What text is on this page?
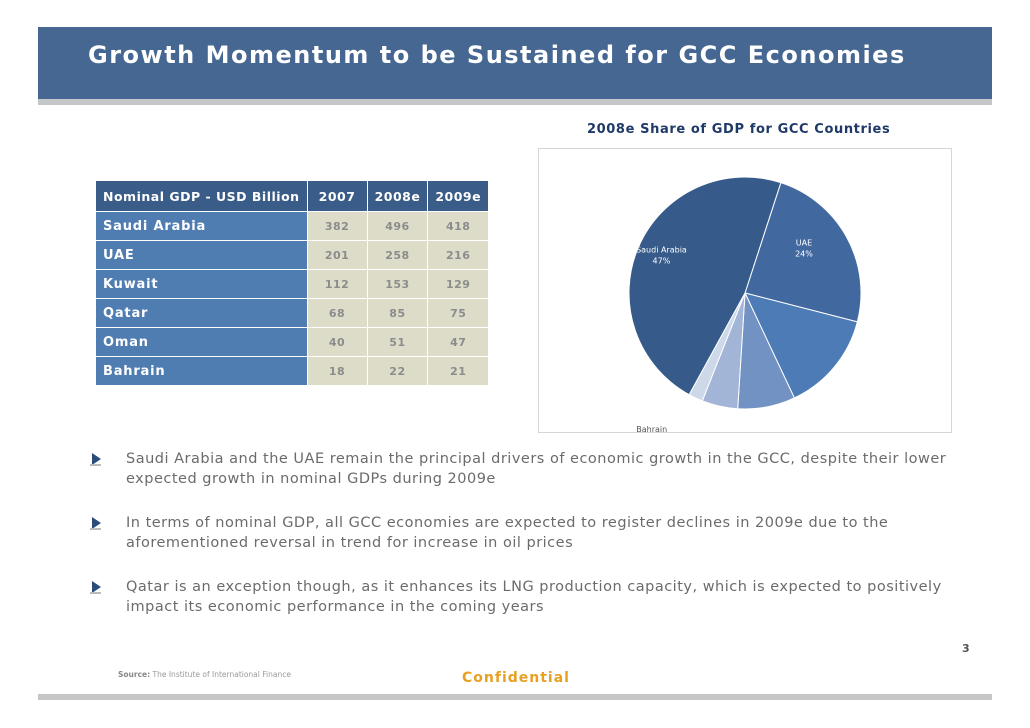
Growth Momentum to be Sustained for GCC Economies
2008e Share of GDP for GCC Countries
UAE
24%
Kuwait
14%
Qatar
8%
Bahrain
Saudi Arabia
47%
Nominal GDP - USD Billion	2007	2008e	2009e
Saudi Arabia	382	496	418
UAE	201	258	216
Kuwait	112	153	129
Qatar	68	85	75
Oman	40	51	47
Bahrain	18	22	21
Saudi Arabia and the UAE remain the principal drivers of economic growth in the GCC, despite their lower expected growth in nominal GDPs during 2009e
In terms of nominal GDP, all GCC economies are expected to register declines in 2009e due to the aforementioned reversal in trend for increase in oil prices
Qatar is an exception though, as it enhances its LNG production capacity, which is expected to positively impact its economic performance in the coming years
3
Source: The Institute of International Finance	Confidential
